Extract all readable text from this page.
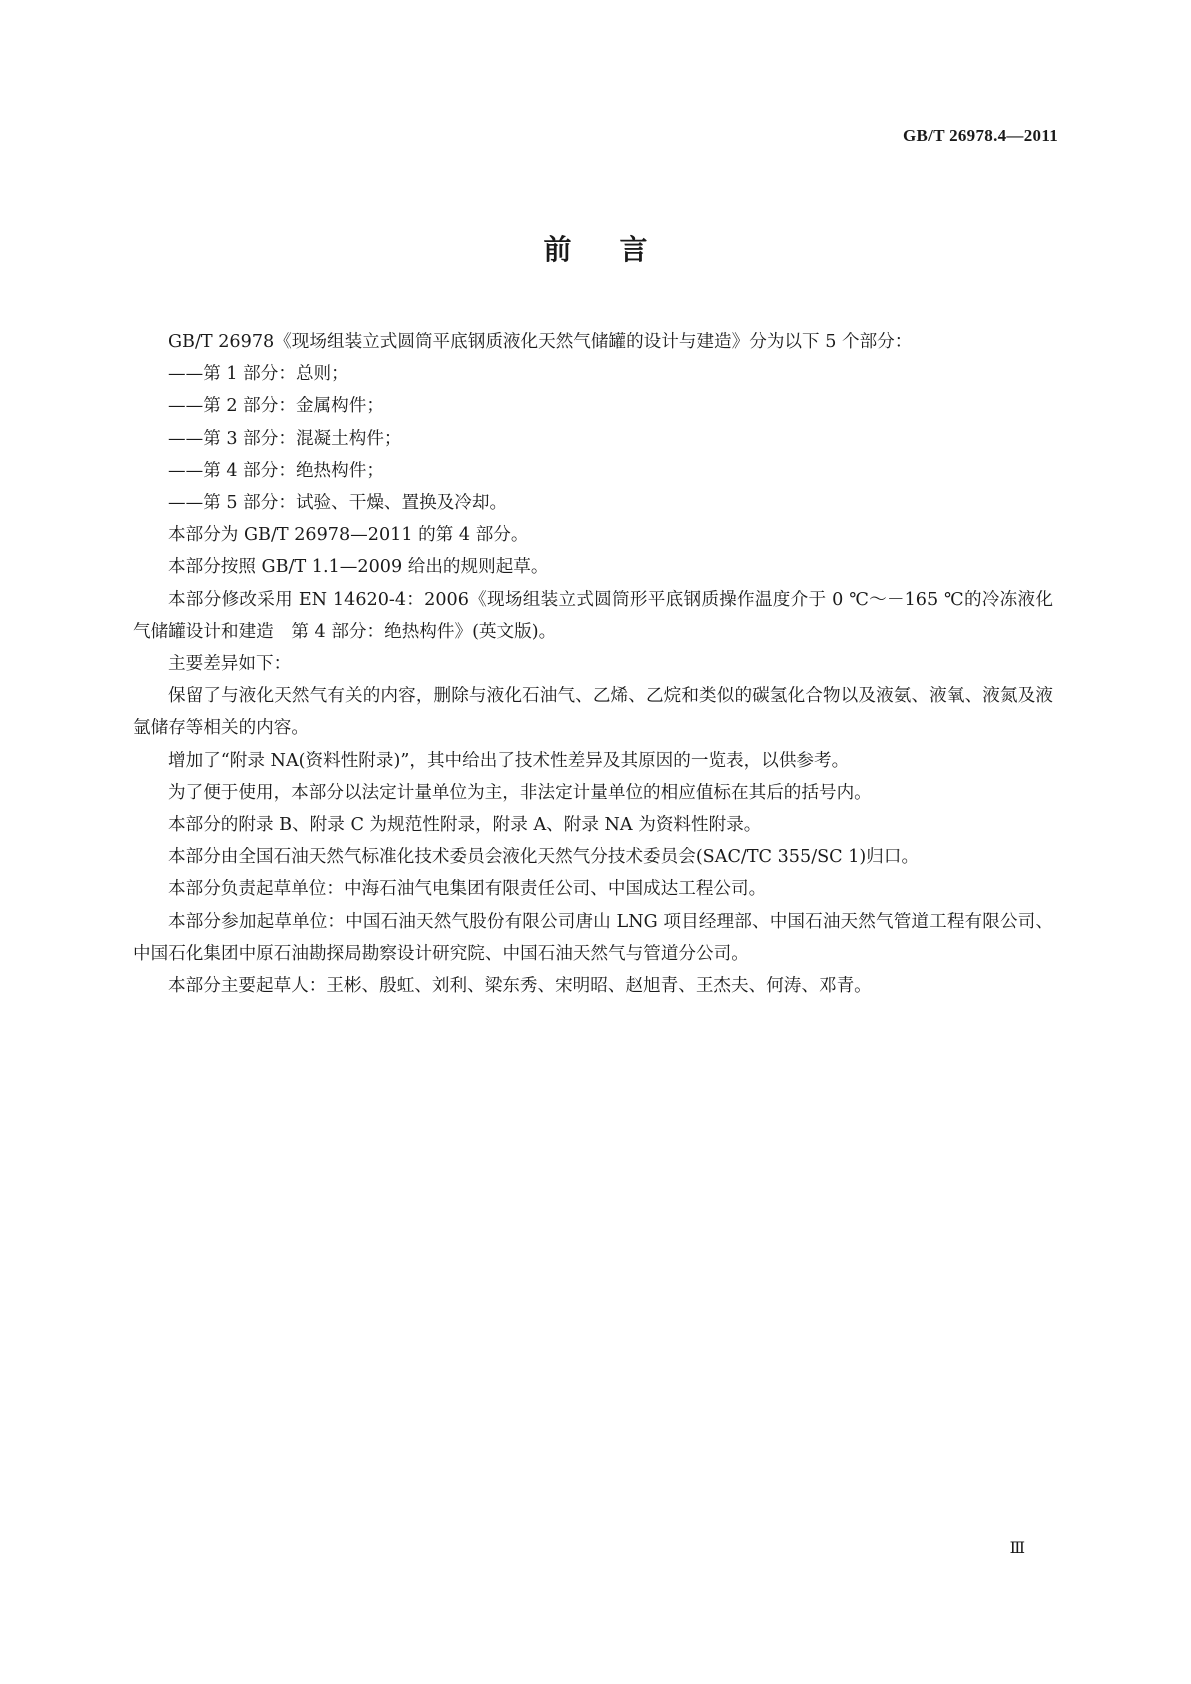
GB/T 26978.4—2011
前言

GB/T 26978《现场组装立式圆筒平底钢质液化天然气储罐的设计与建造》分为以下 5 个部分：

——第 1 部分：总则；

——第 2 部分：金属构件；

——第 3 部分：混凝土构件；

——第 4 部分：绝热构件；

——第 5 部分：试验、干燥、置换及冷却。

本部分为 GB/T 26978—2011 的第 4 部分。

本部分按照 GB/T 1.1—2009 给出的规则起草。

本部分修改采用 EN 14620-4：2006《现场组装立式圆筒形平底钢质操作温度介于 0 ℃～－165 ℃的冷冻液化气储罐设计和建造　第 4 部分：绝热构件》(英文版)。

主要差异如下：

保留了与液化天然气有关的内容，删除与液化石油气、乙烯、乙烷和类似的碳氢化合物以及液氨、液氧、液氮及液氩储存等相关的内容。

增加了“附录 NA(资料性附录)”，其中给出了技术性差异及其原因的一览表，以供参考。

为了便于使用，本部分以法定计量单位为主，非法定计量单位的相应值标在其后的括号内。

本部分的附录 B、附录 C 为规范性附录，附录 A、附录 NA 为资料性附录。

本部分由全国石油天然气标准化技术委员会液化天然气分技术委员会(SAC/TC 355/SC 1)归口。

本部分负责起草单位：中海石油气电集团有限责任公司、中国成达工程公司。

本部分参加起草单位：中国石油天然气股份有限公司唐山 LNG 项目经理部、中国石油天然气管道工程有限公司、中国石化集团中原石油勘探局勘察设计研究院、中国石油天然气与管道分公司。

本部分主要起草人：王彬、殷虹、刘利、梁东秀、宋明昭、赵旭青、王杰夫、何涛、邓青。

Ⅲ
